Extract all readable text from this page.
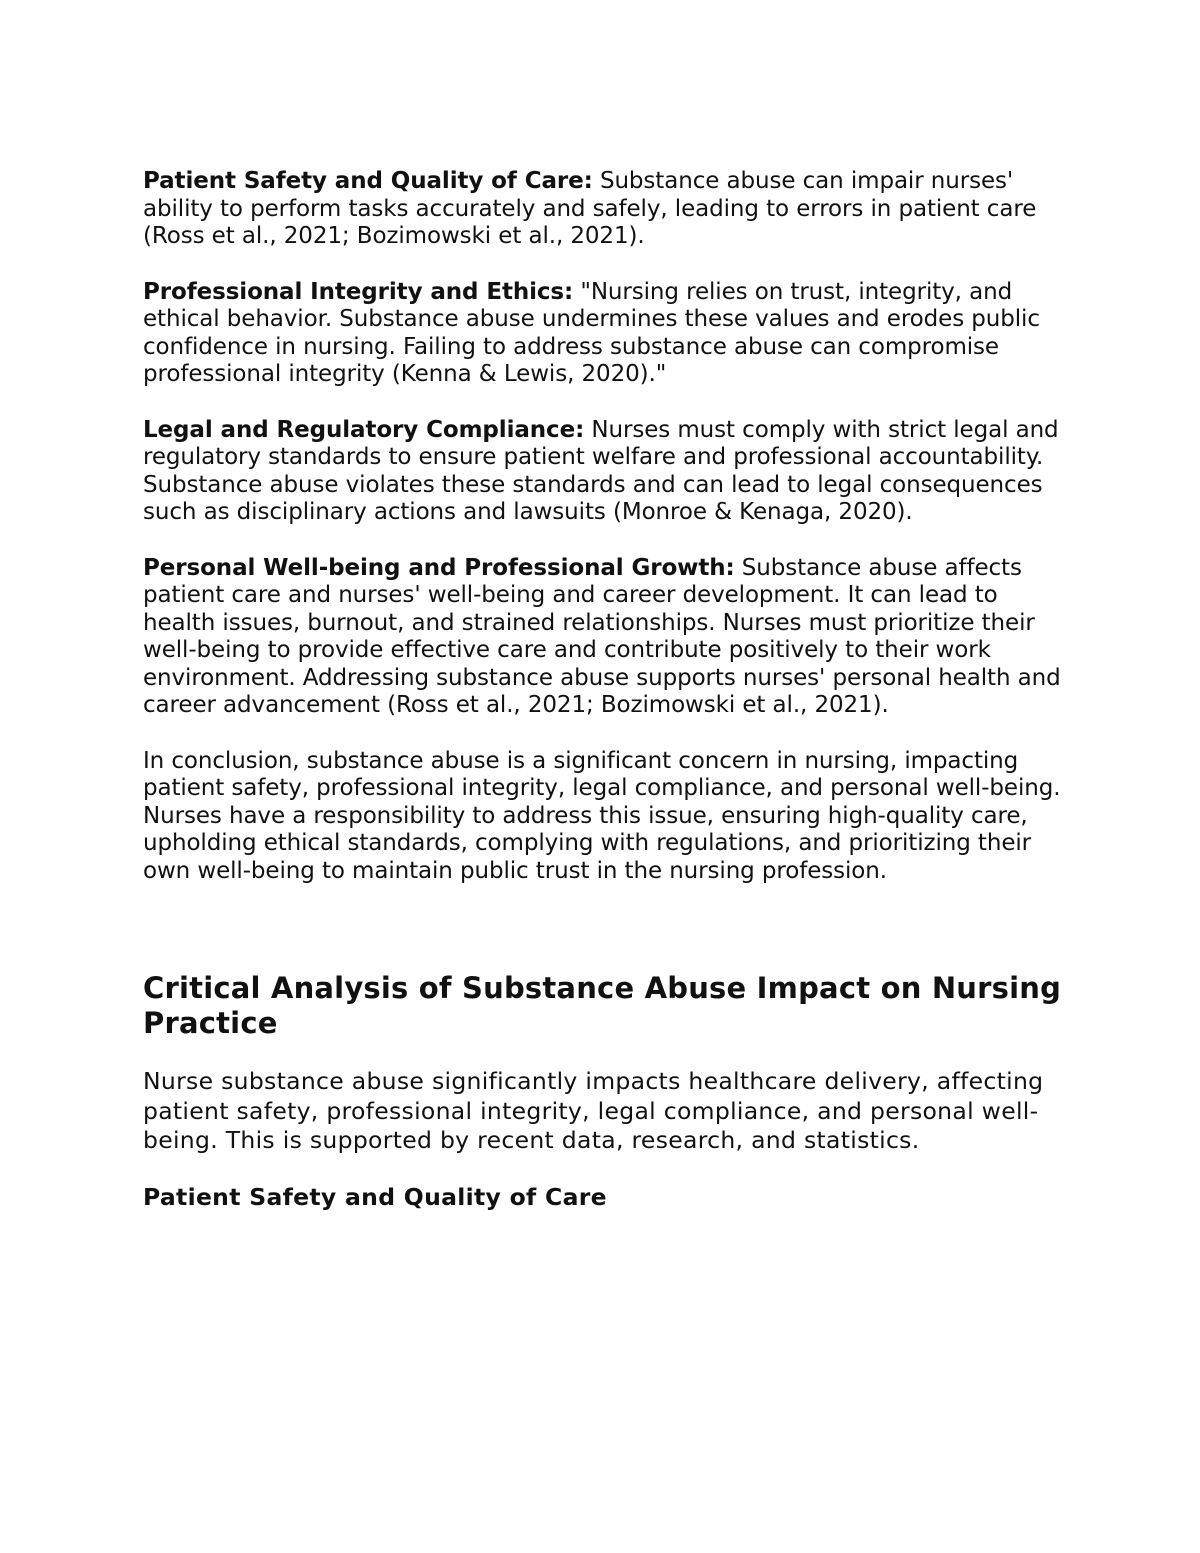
Patient Safety and Quality of Care: Substance abuse can impair nurses' ability to perform tasks accurately and safely, leading to errors in patient care (Ross et al., 2021; Bozimowski et al., 2021).

Professional Integrity and Ethics: "Nursing relies on trust, integrity, and ethical behavior. Substance abuse undermines these values and erodes public confidence in nursing. Failing to address substance abuse can compromise professional integrity (Kenna & Lewis, 2020)."

Legal and Regulatory Compliance: Nurses must comply with strict legal and regulatory standards to ensure patient welfare and professional accountability. Substance abuse violates these standards and can lead to legal consequences such as disciplinary actions and lawsuits (Monroe & Kenaga, 2020).

Personal Well-being and Professional Growth: Substance abuse affects patient care and nurses' well-being and career development. It can lead to health issues, burnout, and strained relationships. Nurses must prioritize their well-being to provide effective care and contribute positively to their work environment. Addressing substance abuse supports nurses' personal health and career advancement (Ross et al., 2021; Bozimowski et al., 2021).

In conclusion, substance abuse is a significant concern in nursing, impacting patient safety, professional integrity, legal compliance, and personal well-being. Nurses have a responsibility to address this issue, ensuring high-quality care, upholding ethical standards, complying with regulations, and prioritizing their own well-being to maintain public trust in the nursing profession.

Critical Analysis of Substance Abuse Impact on Nursing Practice

Nurse substance abuse significantly impacts healthcare delivery, affecting patient safety, professional integrity, legal compliance, and personal well-being. This is supported by recent data, research, and statistics.

Patient Safety and Quality of Care
